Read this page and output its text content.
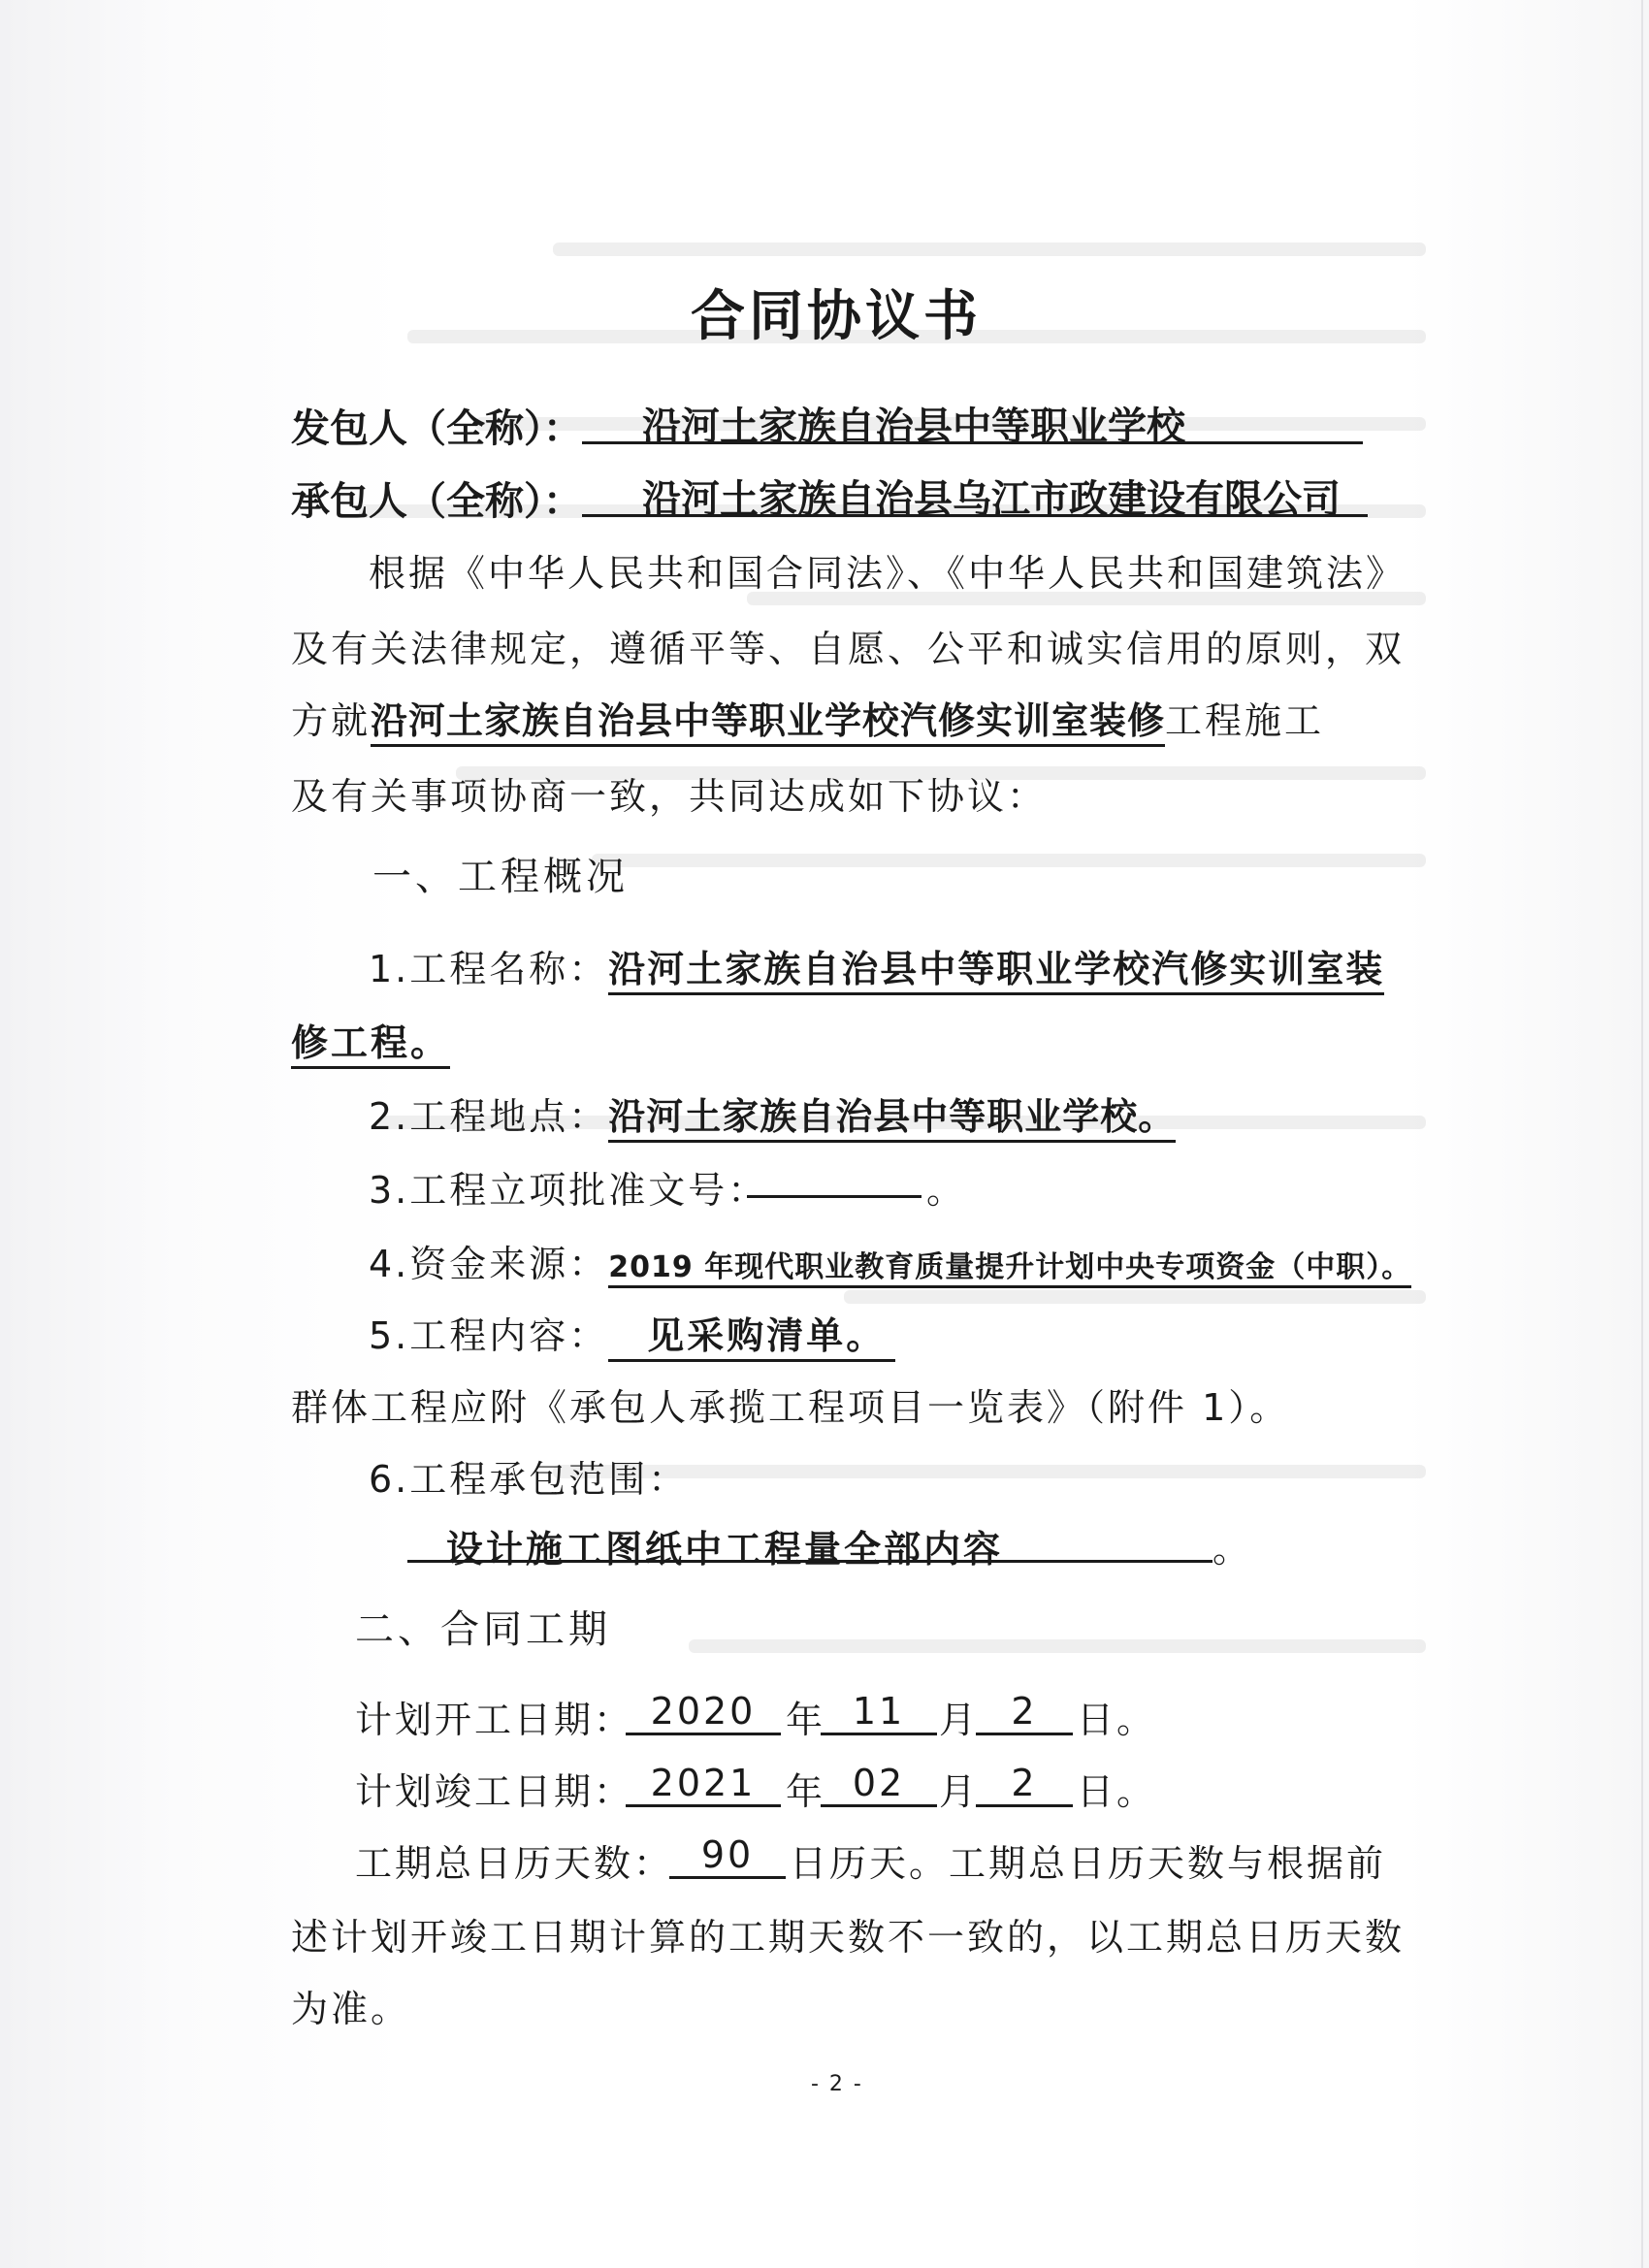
合同协议书
发包人（全称）： 沿河土家族自治县中等职业学校
承包人（全称）： 沿河土家族自治县乌江市政建设有限公司
根据《中华人民共和国合同法》、《中华人民共和国建筑法》
及有关法律规定，遵循平等、自愿、公平和诚实信用的原则，双
方就沿河土家族自治县中等职业学校汽修实训室装修工程施工
及有关事项协商一致，共同达成如下协议：
一、工程概况
1.工程名称：沿河土家族自治县中等职业学校汽修实训室装
修工程。
2.工程地点：沿河土家族自治县中等职业学校。
3.工程立项批准文号：	。
4.资金来源：2019 年现代职业教育质量提升计划中央专项资金（中职）。
5.工程内容： 见采购清单。
群体工程应附《承包人承揽工程项目一览表》（附件 1）。
6.工程承包范围：
设计施工图纸中工程量全部内容	。
二、合同工期
计划开工日期： 2020 年 11 月 2	日。
计划竣工日期： 2021 年 02 月 2	日。
工期总日历天数： 90 日历天。工期总日历天数与根据前
述计划开竣工日期计算的工期天数不一致的，以工期总日历天数
为准。
- 2 -
